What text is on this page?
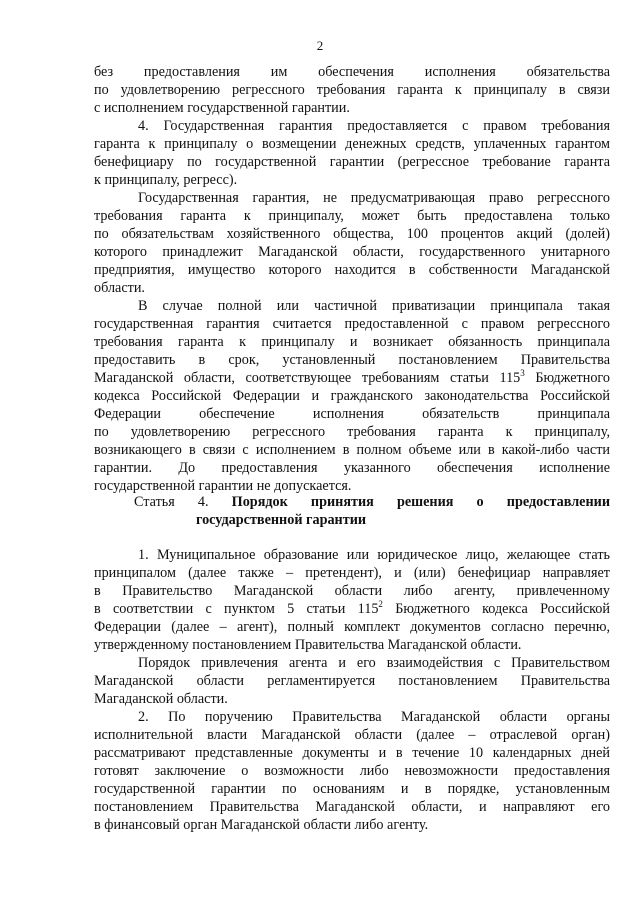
2
без предоставления им обеспечения исполнения обязательства
по удовлетворению регрессного требования гаранта к принципалу в связи
с исполнением государственной гарантии.
4. Государственная гарантия предоставляется с правом требования
гаранта к принципалу о возмещении денежных средств, уплаченных гарантом
бенефициару по государственной гарантии (регрессное требование гаранта
к принципалу, регресс).
Государственная гарантия, не предусматривающая право регрессного
требования гаранта к принципалу, может быть предоставлена только
по обязательствам хозяйственного общества, 100 процентов акций (долей)
которого принадлежит Магаданской области, государственного унитарного
предприятия, имущество которого находится в собственности Магаданской
области.
В случае полной или частичной приватизации принципала такая
государственная гарантия считается предоставленной с правом регрессного
требования гаранта к принципалу и возникает обязанность принципала
предоставить в срок, установленный постановлением Правительства
Магаданской области, соответствующее требованиям статьи $115^3$ Бюджетного
кодекса Российской Федерации и гражданского законодательства Российской
Федерации обеспечение исполнения обязательств принципала
по удовлетворению регрессного требования гаранта к принципалу,
возникающего в связи с исполнением в полном объеме или в какой-либо части
гарантии. До предоставления указанного обеспечения исполнение
государственной гарантии не допускается.
1. Муниципальное образование или юридическое лицо, желающее стать
принципалом (далее также – претендент), и (или) бенефициар направляет
в Правительство Магаданской области либо агенту, привлеченному
в соответствии с пунктом 5 статьи $115^2$ Бюджетного кодекса Российской
Федерации (далее – агент), полный комплект документов согласно перечню,
утвержденному постановлением Правительства Магаданской области.
Порядок привлечения агента и его взаимодействия с Правительством
Магаданской области регламентируется постановлением Правительства
Магаданской области.
2. По поручению Правительства Магаданской области органы
исполнительной власти Магаданской области (далее – отраслевой орган)
рассматривают представленные документы и в течение 10 календарных дней
готовят заключение о возможности либо невозможности предоставления
государственной гарантии по основаниям и в порядке, установленным
постановлением Правительства Магаданской области, и направляют его
в финансовый орган Магаданской области либо агенту.
Статья 4. Порядок принятия решения о предоставлении
государственной гарантии
